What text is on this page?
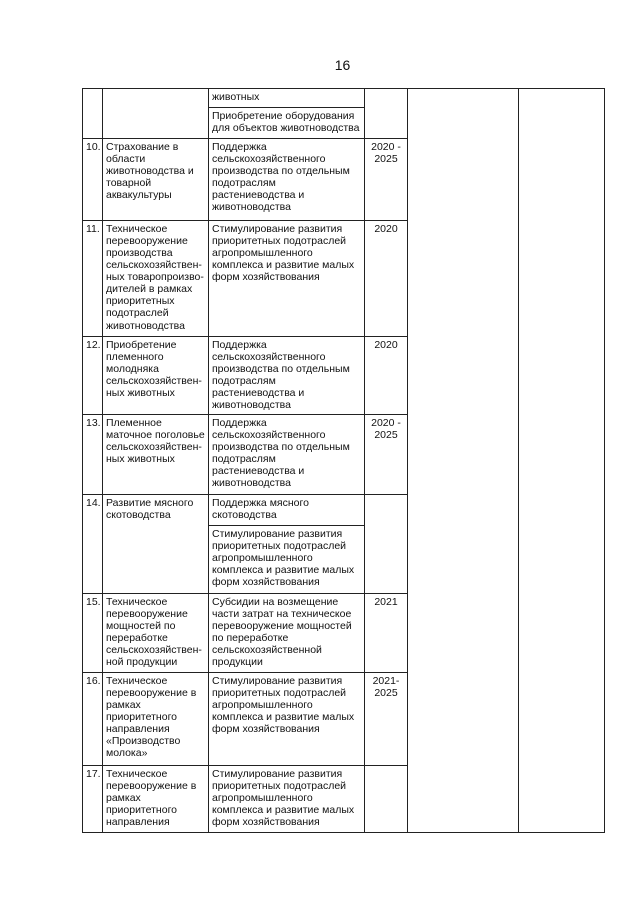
16
		животных			
		Приобретение оборудования для объектов животноводства			
10.	Страхование в области животноводства и товарной аквакультуры	Поддержка сельскохозяйственного производства по отдельным подотраслям растениеводства и животноводства	2020 - 2025		
11.	Техническое перевооружение производства сельскохозяйствен-ных товаропроизво-дителей в рамках приоритетных подотраслей животноводства	Стимулирование развития приоритетных подотраслей агропромышленного комплекса и развитие малых форм хозяйствования	2020		
12.	Приобретение племенного молодняка сельскохозяйствен-ных животных	Поддержка сельскохозяйственного производства по отдельным подотраслям растениеводства и животноводства	2020		
13.	Племенное маточное поголовье сельскохозяйствен-ных животных	Поддержка сельскохозяйственного производства по отдельным подотраслям растениеводства и животноводства	2020 - 2025		
14.	Развитие мясного скотоводства	Поддержка мясного скотоводства			
		Стимулирование развития приоритетных подотраслей агропромышленного комплекса и развитие малых форм хозяйствования			
15.	Техническое перевооружение мощностей по переработке сельскохозяйствен-ной продукции	Субсидии на возмещение части затрат на техническое перевооружение мощностей по переработке сельскохозяйственной продукции	2021		
16.	Техническое перевооружение в рамках приоритетного направления «Производство молока»	Стимулирование развития приоритетных подотраслей агропромышленного комплекса и развитие малых форм хозяйствования	2021-2025		
17.	Техническое перевооружение в рамках приоритетного направления	Стимулирование развития приоритетных подотраслей агропромышленного комплекса и развитие малых форм хозяйствования			
